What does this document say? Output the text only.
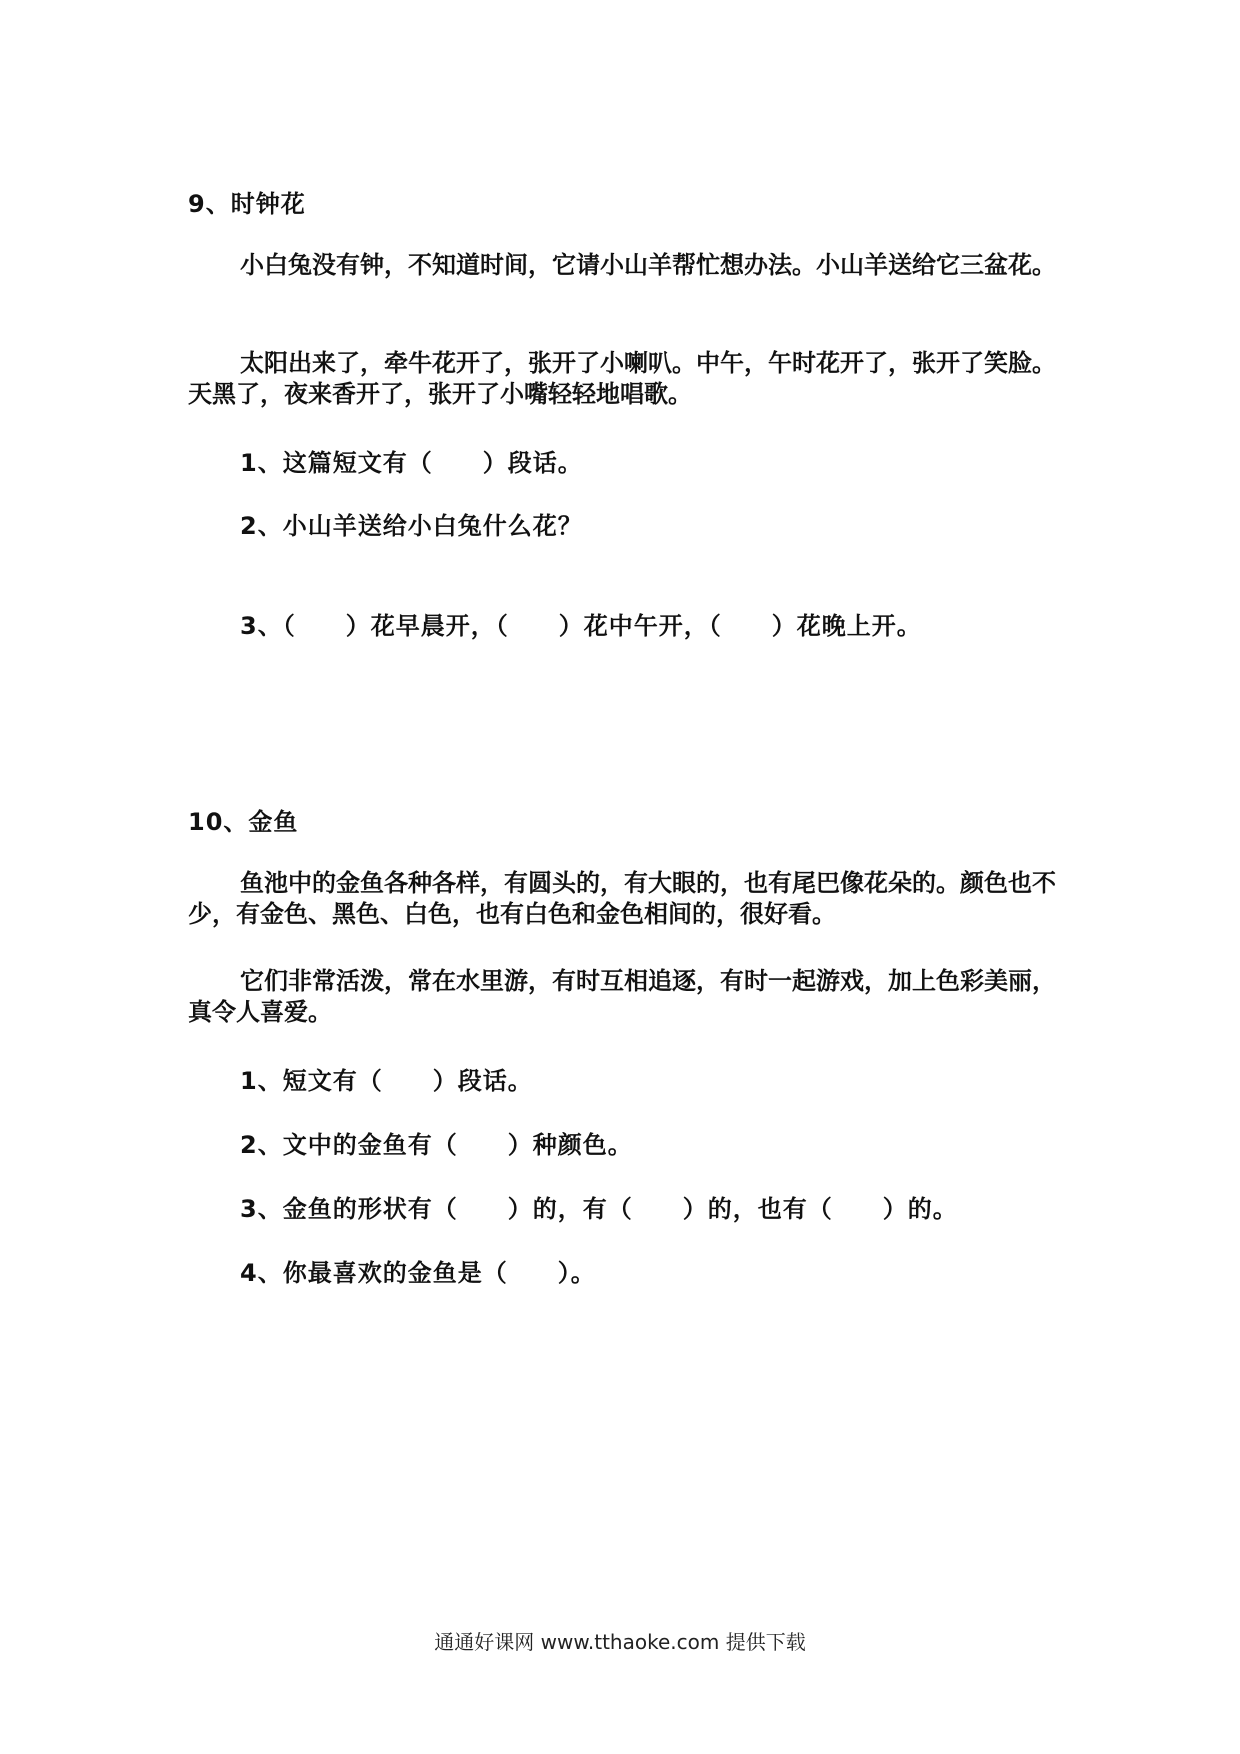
9、时钟花

小白兔没有钟，不知道时间，它请小山羊帮忙想办法。小山羊送给它三盆花。

太阳出来了，牵牛花开了，张开了小喇叭。中午，午时花开了，张开了笑脸。天黑了，夜来香开了，张开了小嘴轻轻地唱歌。

1、这篇短文有（　　）段话。
2、小山羊送给小白兔什么花？
3、（　　）花早晨开，（　　）花中午开，（　　）花晚上开。
10、金鱼

鱼池中的金鱼各种各样，有圆头的，有大眼的，也有尾巴像花朵的。颜色也不少，有金色、黑色、白色，也有白色和金色相间的，很好看。

它们非常活泼，常在水里游，有时互相追逐，有时一起游戏，加上色彩美丽，真令人喜爱。

1、短文有（　　）段话。
2、文中的金鱼有（　　）种颜色。
3、金鱼的形状有（　　）的，有（　　）的，也有（　　）的。
4、你最喜欢的金鱼是（　　）。
通通好课网 www.tthaoke.com 提供下载
